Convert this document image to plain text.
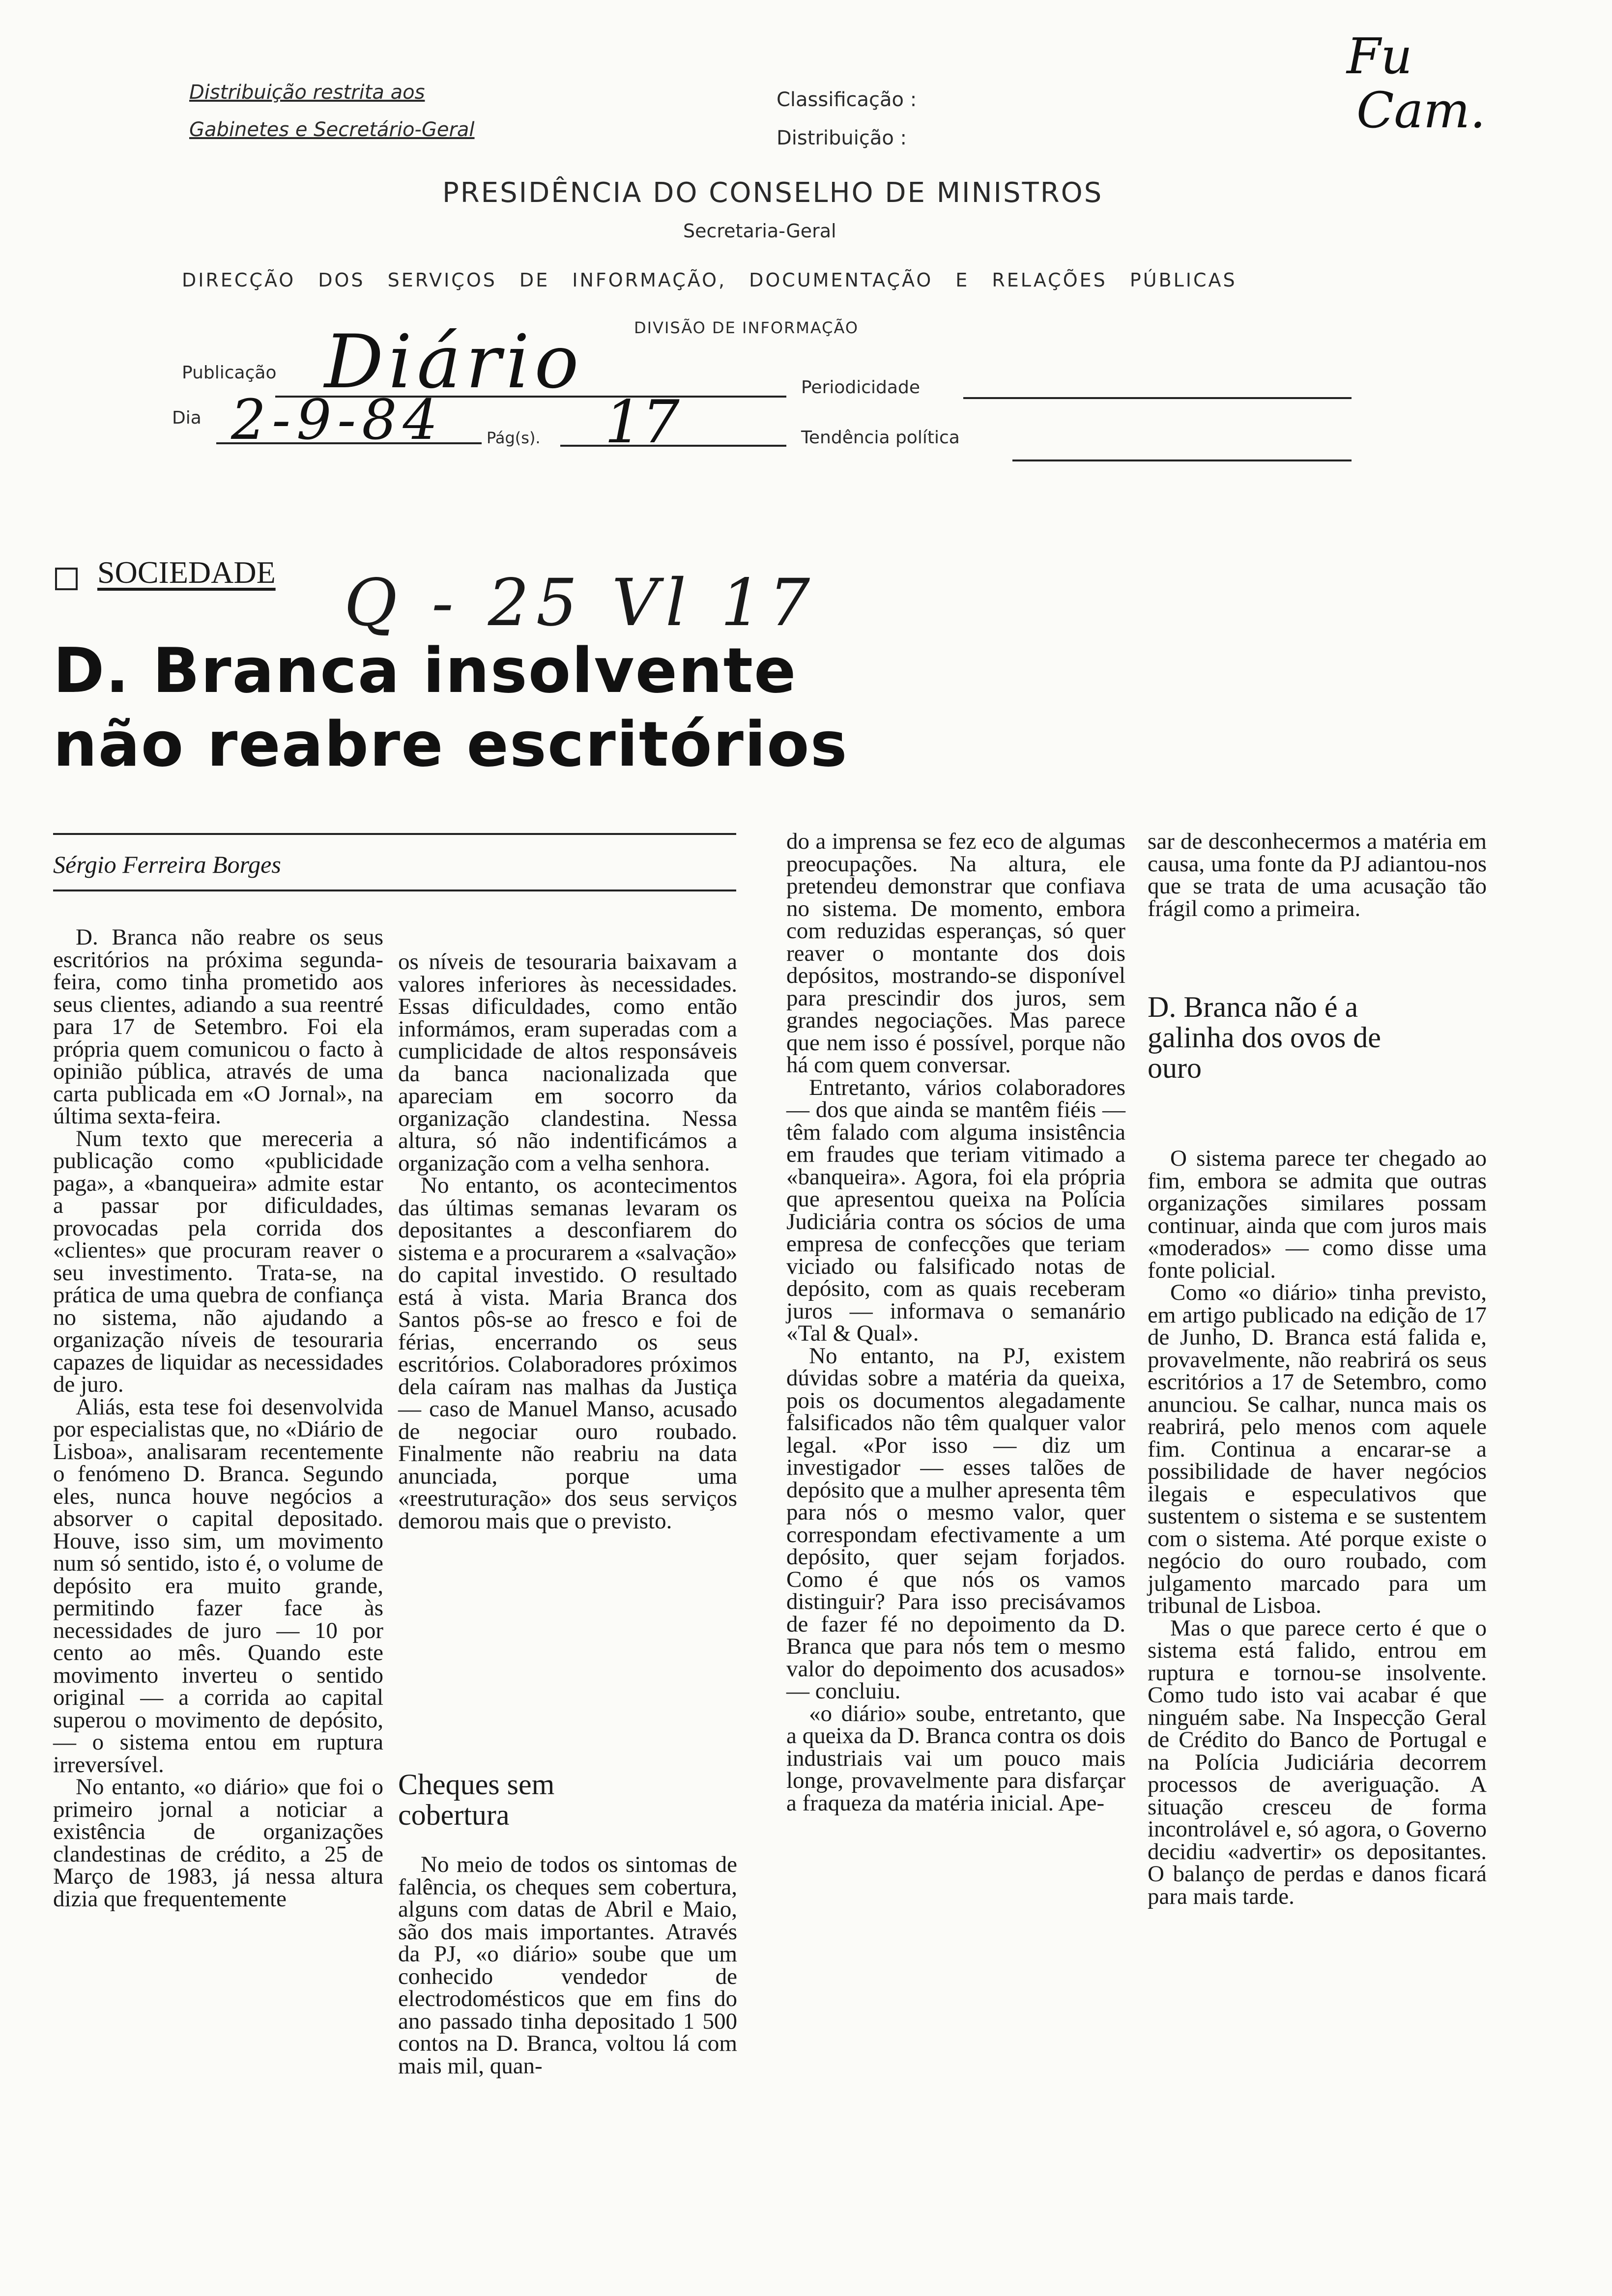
Distribuição restrita aos
Gabinetes e Secretário-Geral
Classificação :
Distribuição :
Fu
Cam.
PRESIDÊNCIA DO CONSELHO DE MINISTROS
Secretaria-Geral
DIRECÇÃO DOS SERVIÇOS DE INFORMAÇÃO, DOCUMENTAÇÃO E RELAÇÕES PÚBLICAS
DIVISÃO DE INFORMAÇÃO
Publicação Diário
Dia 2-9-84	Pág(s). 17
Periodicidade
Tendência política
SOCIEDADE Q - 25 Vl 17
D. Branca insolvente
não reabre escritórios
Sérgio Ferreira Borges

D. Branca não reabre os seus escritórios na próxima segunda-feira, como tinha prometido aos seus clientes, adiando a sua reentré para 17 de Setembro. Foi ela própria quem comunicou o facto à opinião pública, através de uma carta publicada em «O Jornal», na última sexta-feira.

Num texto que mereceria a publicação como «publicidade paga», a «banqueira» admite estar a passar por dificuldades, provocadas pela corrida dos «clientes» que procuram reaver o seu investimento. Trata-se, na prática de uma quebra de confiança no sistema, não ajudando a organização níveis de tesouraria capazes de liquidar as necessidades de juro.

Aliás, esta tese foi desenvolvida por especialistas que, no «Diário de Lisboa», analisaram recentemente o fenómeno D. Branca. Segundo eles, nunca houve negócios a absorver o capital depositado. Houve, isso sim, um movimento num só sentido, isto é, o volume de depósito era muito grande, permitindo fazer face às necessidades de juro — 10 por cento ao mês. Quando este movimento inverteu o sentido original — a corrida ao capital superou o movimento de depósito, — o sistema entou em ruptura irreversível.

No entanto, «o diário» que foi o primeiro jornal a noticiar a existência de organizações clandestinas de crédito, a 25 de Março de 1983, já nessa altura dizia que frequentemente

os níveis de tesouraria baixavam a valores inferiores às necessidades. Essas dificuldades, como então informámos, eram superadas com a cumplicidade de altos responsáveis da banca nacionalizada que apareciam em socorro da organização clandestina. Nessa altura, só não indentificámos a organização com a velha senhora.

No entanto, os acontecimentos das últimas semanas levaram os depositantes a desconfiarem do sistema e a procurarem a «salvação» do capital investido. O resultado está à vista. Maria Branca dos Santos pôs-se ao fresco e foi de férias, encerrando os seus escritórios. Colaboradores próximos dela caíram nas malhas da Justiça — caso de Manuel Manso, acusado de negociar ouro roubado. Finalmente não reabriu na data anunciada, porque uma «reestruturação» dos seus serviços demorou mais que o previsto.

Cheques sem cobertura

No meio de todos os sintomas de falência, os cheques sem cobertura, alguns com datas de Abril e Maio, são dos mais importantes. Através da PJ, «o diário» soube que um conhecido vendedor de electrodomésticos que em fins do ano passado tinha depositado 1 500 contos na D. Branca, voltou lá com mais mil, quan-

do a imprensa se fez eco de algumas preocupações. Na altura, ele pretendeu demonstrar que confiava no sistema. De momento, embora com reduzidas esperanças, só quer reaver o montante dos dois depósitos, mostrando-se disponível para prescindir dos juros, sem grandes negociações. Mas parece que nem isso é possível, porque não há com quem conversar.

Entretanto, vários colaboradores — dos que ainda se mantêm fiéis — têm falado com alguma insistência em fraudes que teriam vitimado a «banqueira». Agora, foi ela própria que apresentou queixa na Polícia Judiciária contra os sócios de uma empresa de confecções que teriam viciado ou falsificado notas de depósito, com as quais receberam juros — informava o semanário «Tal & Qual».

No entanto, na PJ, existem dúvidas sobre a matéria da queixa, pois os documentos alegadamente falsificados não têm qualquer valor legal. «Por isso — diz um investigador — esses talões de depósito que a mulher apresenta têm para nós o mesmo valor, quer correspondam efectivamente a um depósito, quer sejam forjados. Como é que nós os vamos distinguir? Para isso precisávamos de fazer fé no depoimento da D. Branca que para nós tem o mesmo valor do depoimento dos acusados» — concluiu.

«o diário» soube, entretanto, que a queixa da D. Branca contra os dois industriais vai um pouco mais longe, provavelmente para disfarçar a fraqueza da matéria inicial. Ape-

sar de desconhecermos a matéria em causa, uma fonte da PJ adiantou-nos que se trata de uma acusação tão frágil como a primeira.

D. Branca não é a galinha dos ovos de ouro

O sistema parece ter chegado ao fim, embora se admita que outras organizações similares possam continuar, ainda que com juros mais «moderados» — como disse uma fonte policial.

Como «o diário» tinha previsto, em artigo publicado na edição de 17 de Junho, D. Branca está falida e, provavelmente, não reabrirá os seus escritórios a 17 de Setembro, como anunciou. Se calhar, nunca mais os reabrirá, pelo menos com aquele fim. Continua a encarar-se a possibilidade de haver negócios ilegais e especulativos que sustentem o sistema e se sustentem com o sistema. Até porque existe o negócio do ouro roubado, com julgamento marcado para um tribunal de Lisboa.

Mas o que parece certo é que o sistema está falido, entrou em ruptura e tornou-se insolvente. Como tudo isto vai acabar é que ninguém sabe. Na Inspecção Geral de Crédito do Banco de Portugal e na Polícia Judiciária decorrem processos de averiguação. A situação cresceu de forma incontrolável e, só agora, o Governo decidiu «advertir» os depositantes. O balanço de perdas e danos ficará para mais tarde.
